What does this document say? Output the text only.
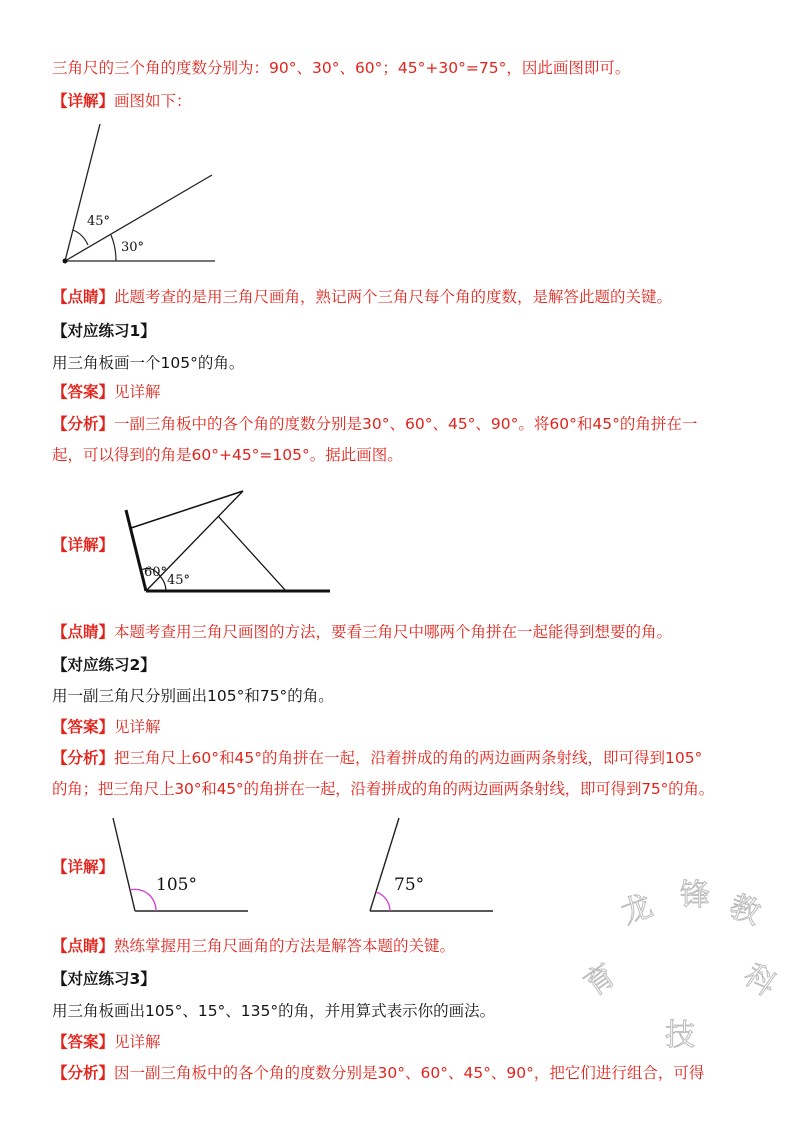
三角尺的三个角的度数分别为：90°、30°、60°；45°+30°=75°，因此画图即可。
【详解】画图如下：
45°
30°
【点睛】此题考查的是用三角尺画角，熟记两个三角尺每个角的度数，是解答此题的关键。
【对应练习1】
用三角板画一个105°的角。
【答案】见详解
【分析】一副三角板中的各个角的度数分别是30°、60°、45°、90°。将60°和45°的角拼在一
起，可以得到的角是60°+45°=105°。据此画图。
【详解】
60°
45°
【点睛】本题考查用三角尺画图的方法，要看三角尺中哪两个角拼在一起能得到想要的角。
【对应练习2】
用一副三角尺分别画出105°和75°的角。
【答案】见详解
【分析】把三角尺上60°和45°的角拼在一起，沿着拼成的角的两边画两条射线，即可得到105°
的角；把三角尺上30°和45°的角拼在一起，沿着拼成的角的两边画两条射线，即可得到75°的角。
【详解】
105°	75°
【点睛】熟练掌握用三角尺画角的方法是解答本题的关键。
【对应练习3】
用三角板画出105°、15°、135°的角，并用算式表示你的画法。
【答案】见详解
【分析】因一副三角板中的各个角的度数分别是30°、60°、45°、90°，把它们进行组合，可得
龙 锋 教
育	科
技
